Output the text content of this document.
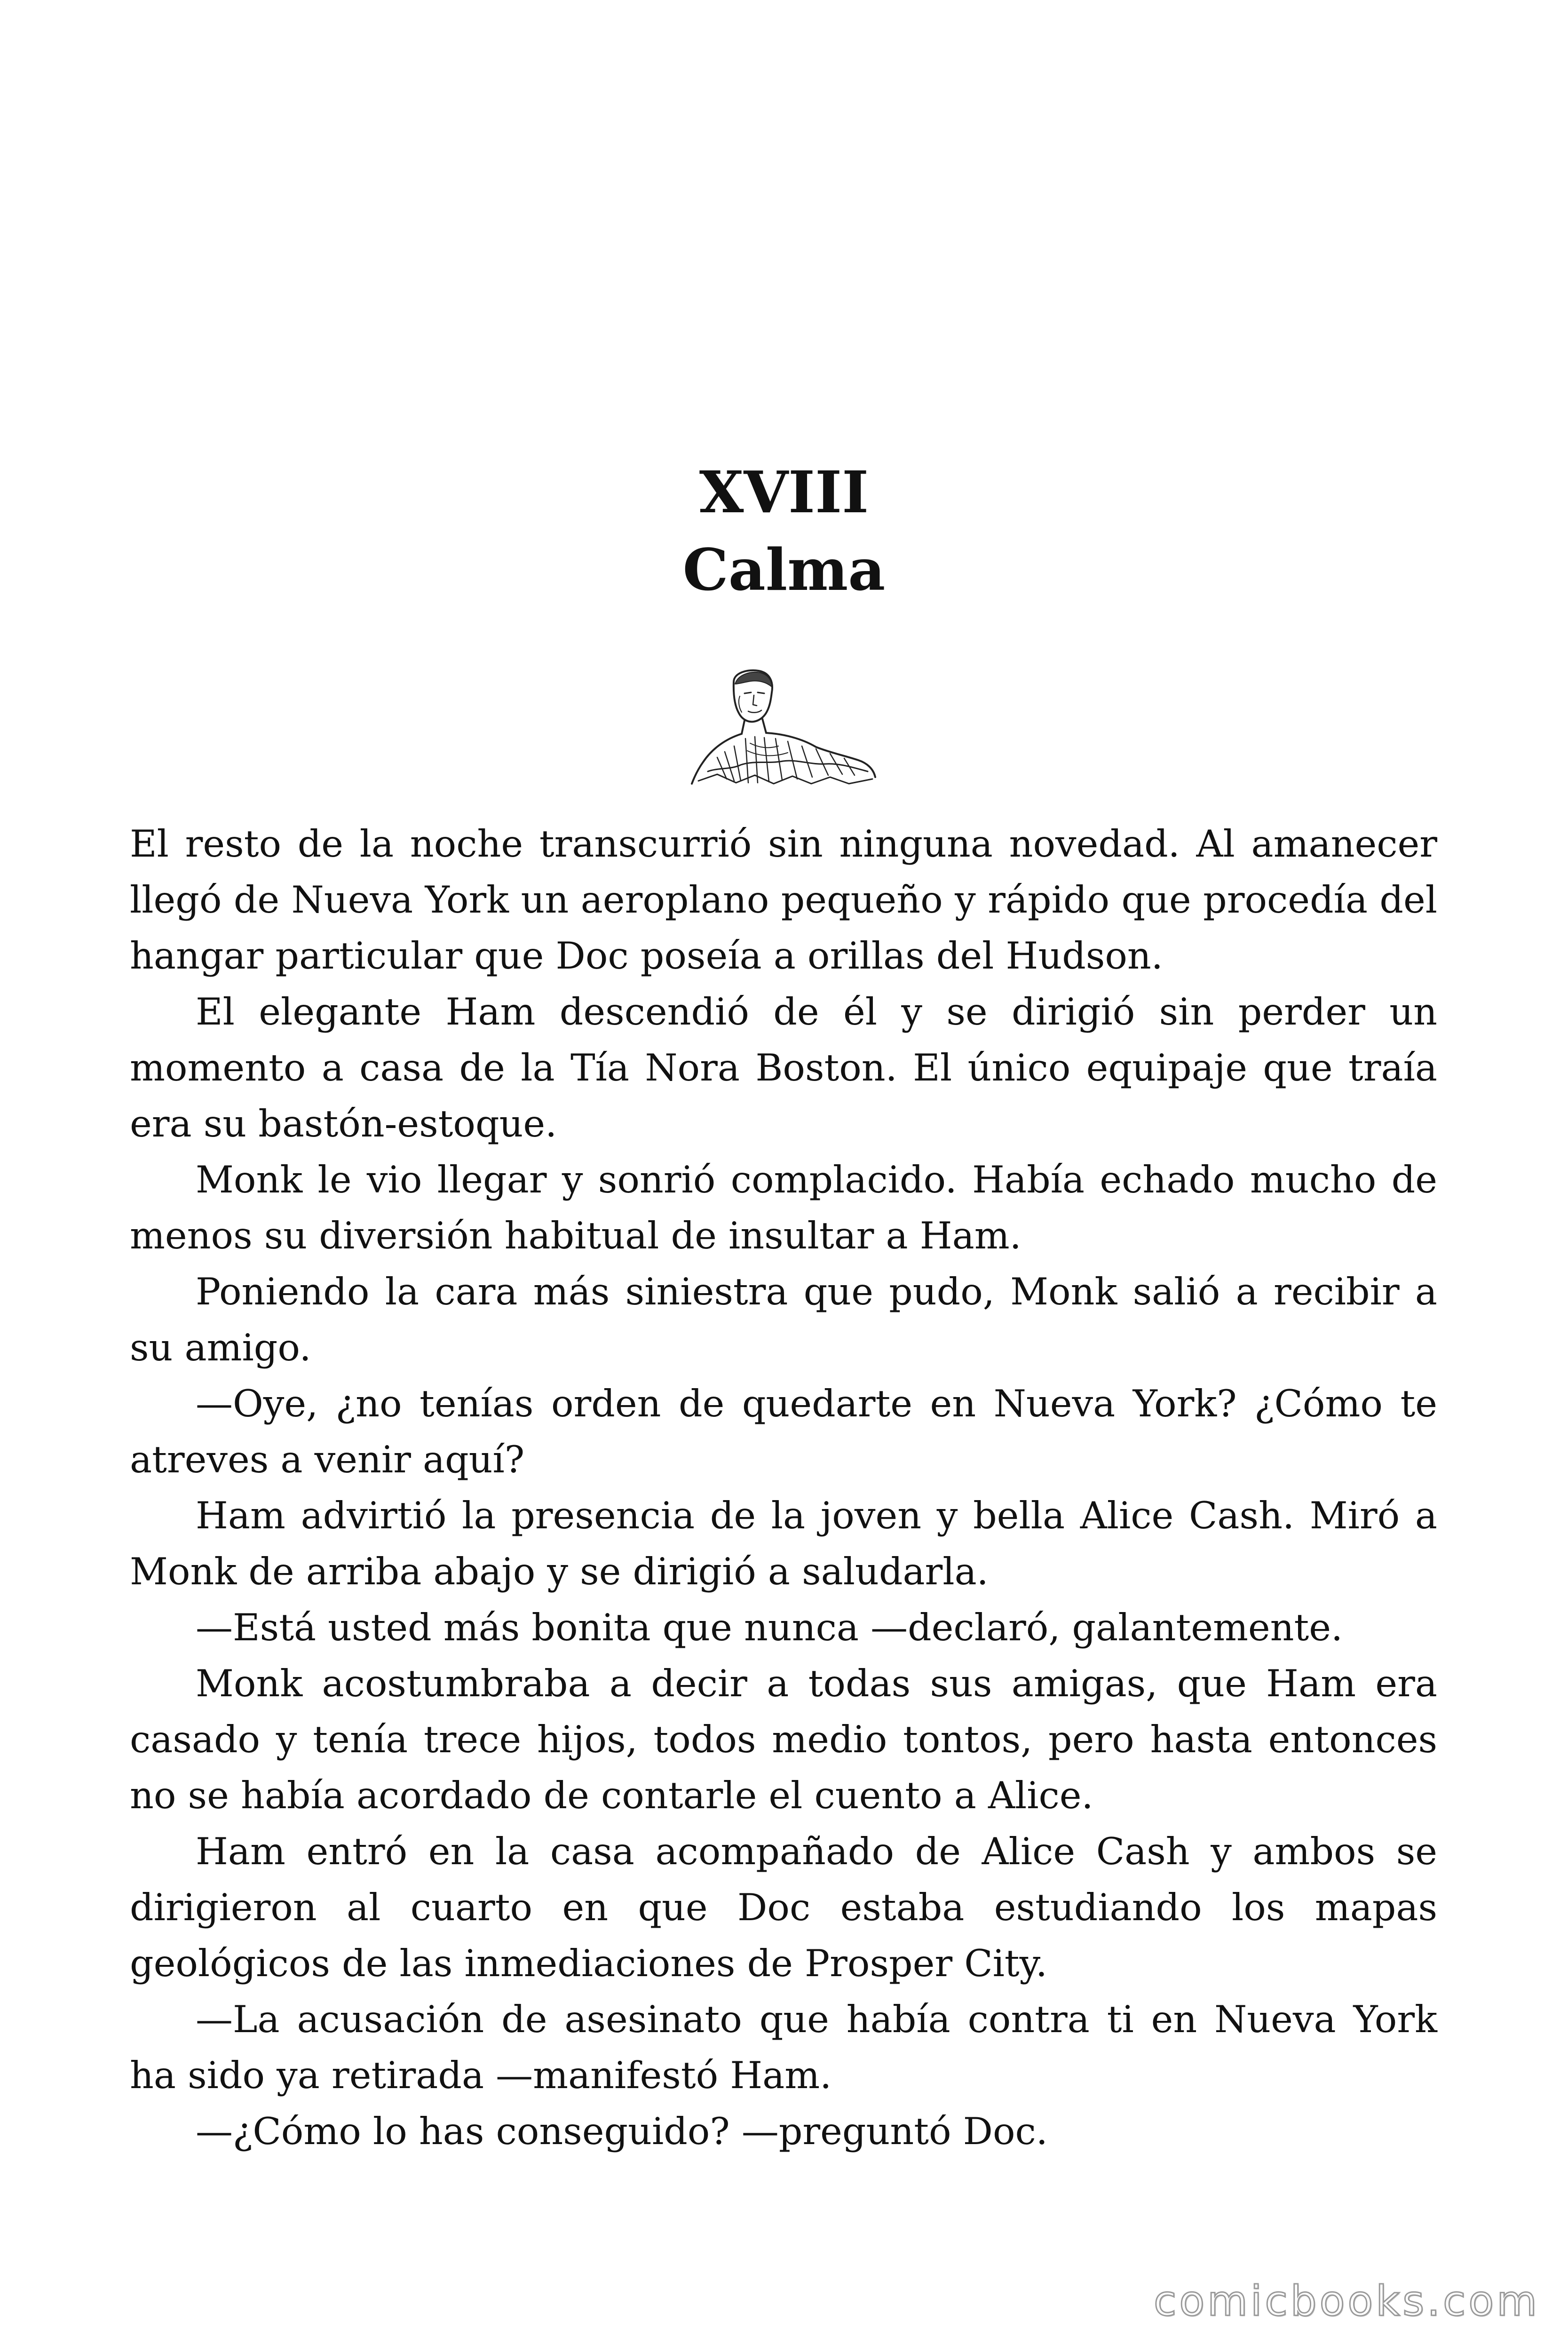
XVIII
Calma

El resto de la noche transcurrió sin ninguna novedad. Al amanecer llegó de Nueva York un aeroplano pequeño y rápido que procedía del hangar particular que Doc poseía a orillas del Hudson.

El elegante Ham descendió de él y se dirigió sin perder un momento a casa de la Tía Nora Boston. El único equipaje que traía era su bastón-estoque.

Monk le vio llegar y sonrió complacido. Había echado mucho de menos su diversión habitual de insultar a Ham.

Poniendo la cara más siniestra que pudo, Monk salió a recibir a su amigo.

—Oye, ¿no tenías orden de quedarte en Nueva York? ¿Cómo te atreves a venir aquí?

Ham advirtió la presencia de la joven y bella Alice Cash. Miró a Monk de arriba abajo y se dirigió a saludarla.

—Está usted más bonita que nunca —declaró, galantemente.

Monk acostumbraba a decir a todas sus amigas, que Ham era casado y tenía trece hijos, todos medio tontos, pero hasta entonces no se había acordado de contarle el cuento a Alice.

Ham entró en la casa acompañado de Alice Cash y ambos se dirigieron al cuarto en que Doc estaba estudiando los mapas geológicos de las inmediaciones de Prosper City.

—La acusación de asesinato que había contra ti en Nueva York ha sido ya retirada —manifestó Ham.

—¿Cómo lo has conseguido? —preguntó Doc.

comicbooks.com
